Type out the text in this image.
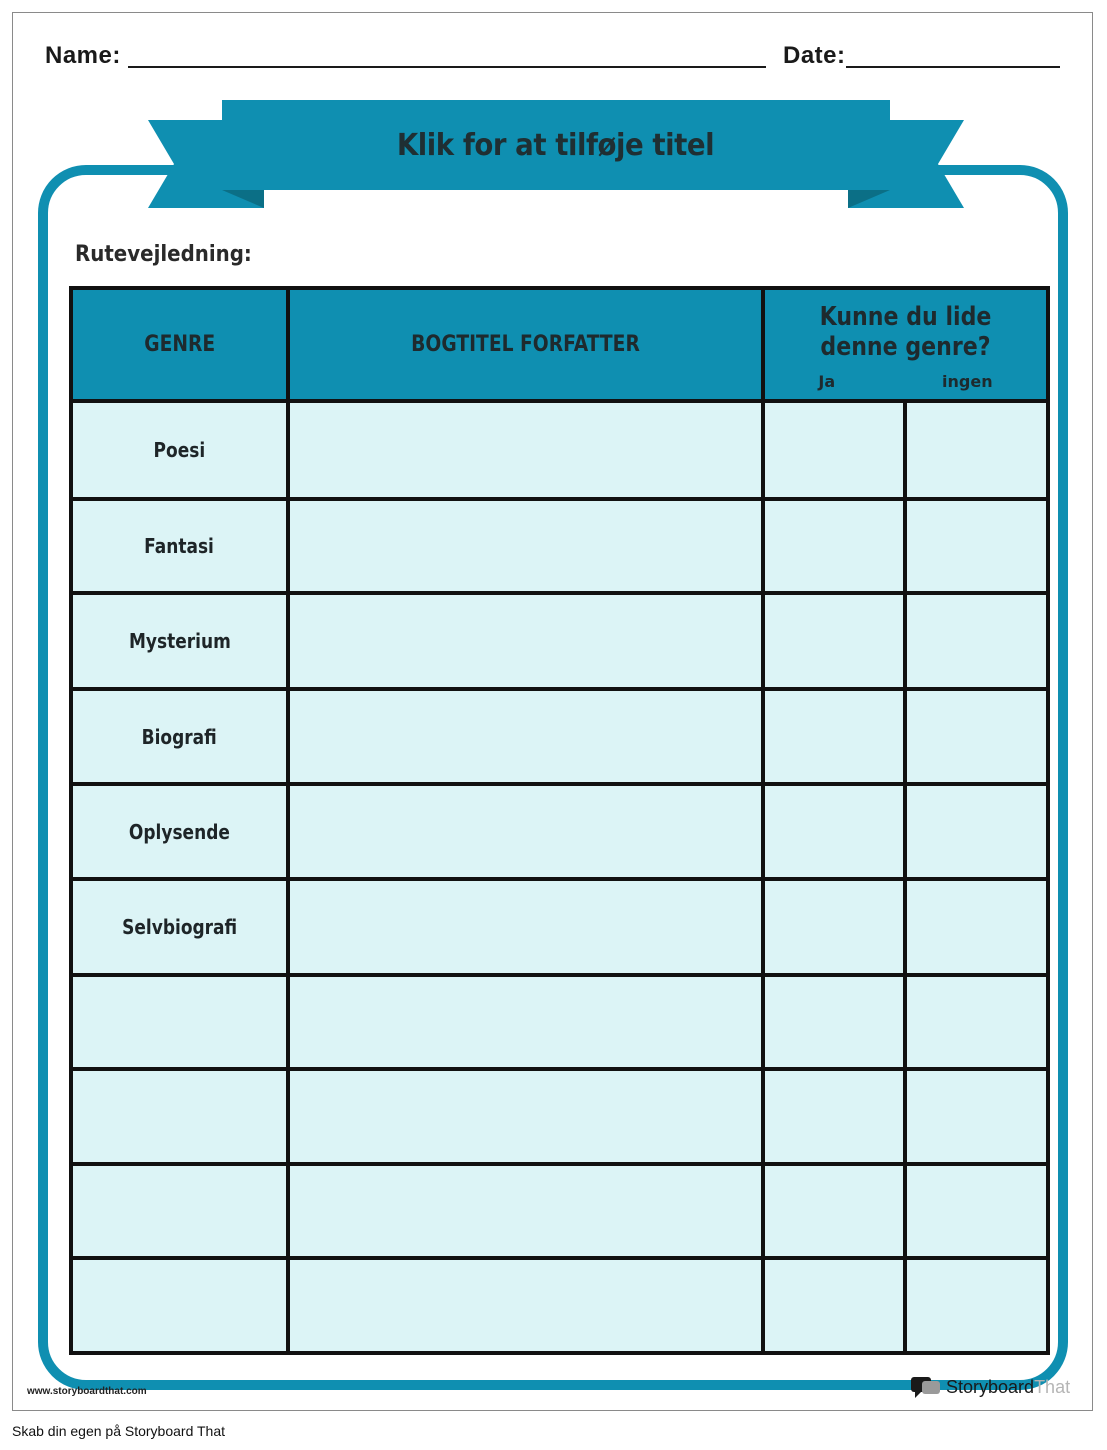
Name:	Date:
Klik for at tilføje titel
Rutevejledning:
GENRE	BOGTITEL FORFATTER	Kunne du lide denne genre?
Ja ingen	

Poesi			
Fantasi			
Mysterium			
Biografi			
Oplysende			
Selvbiografi			

www.storyboardthat.com	StoryboardThat
Skab din egen på Storyboard That
